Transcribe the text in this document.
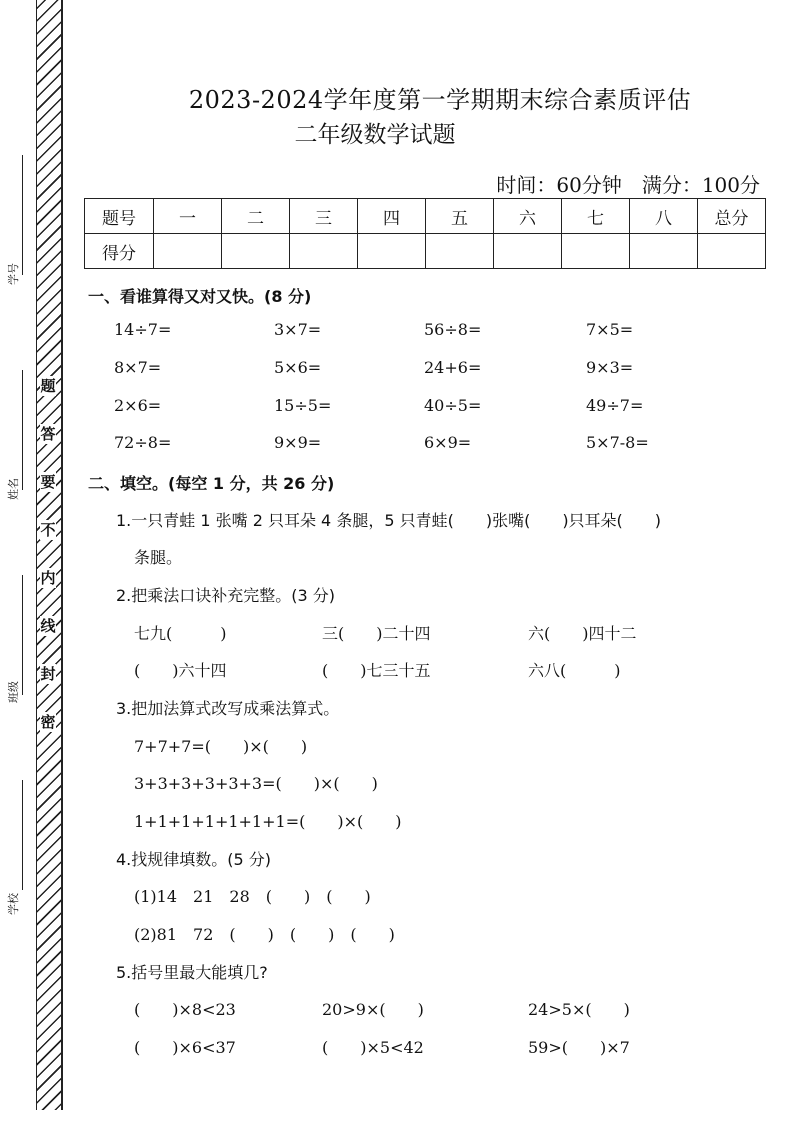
题
答
要
不
内
线
封
密
学号
姓名
班级
学校
2023-2024学年度第一学期期末综合素质评估
二年级数学试题
时间：60分钟　满分：100分
题号	一	二	三	四	五	六	七	八	总分
得分									
一、看谁算得又对又快。(8 分)
14÷7=	3×7=	56÷8=	7×5=
8×7=	5×6=	24+6=	9×3=
2×6=	15÷5=	40÷5=	49÷7=
72÷8=	9×9=	6×9=	5×7-8=
二、填空。(每空 1 分，共 26 分)
1.一只青蛙 1 张嘴 2 只耳朵 4 条腿，5 只青蛙(　　)张嘴(　　)只耳朵(　　)
条腿。
2.把乘法口诀补充完整。(3 分)
七九(　　　)	三(　　)二十四	六(　　)四十二
(　　)六十四	(　　)七三十五	六八(　　　)
3.把加法算式改写成乘法算式。
7+7+7=(　　)×(　　)
3+3+3+3+3+3=(　　)×(　　)
1+1+1+1+1+1+1=(　　)×(　　)
4.找规律填数。(5 分)
(1)14　21　28　(　　)　(　　)
(2)81　72　(　　)　(　　)　(　　)
5.括号里最大能填几?
(　　)×8<23	20>9×(　　)	24>5×(　　)
(　　)×6<37	(　　)×5<42	59>(　　)×7
